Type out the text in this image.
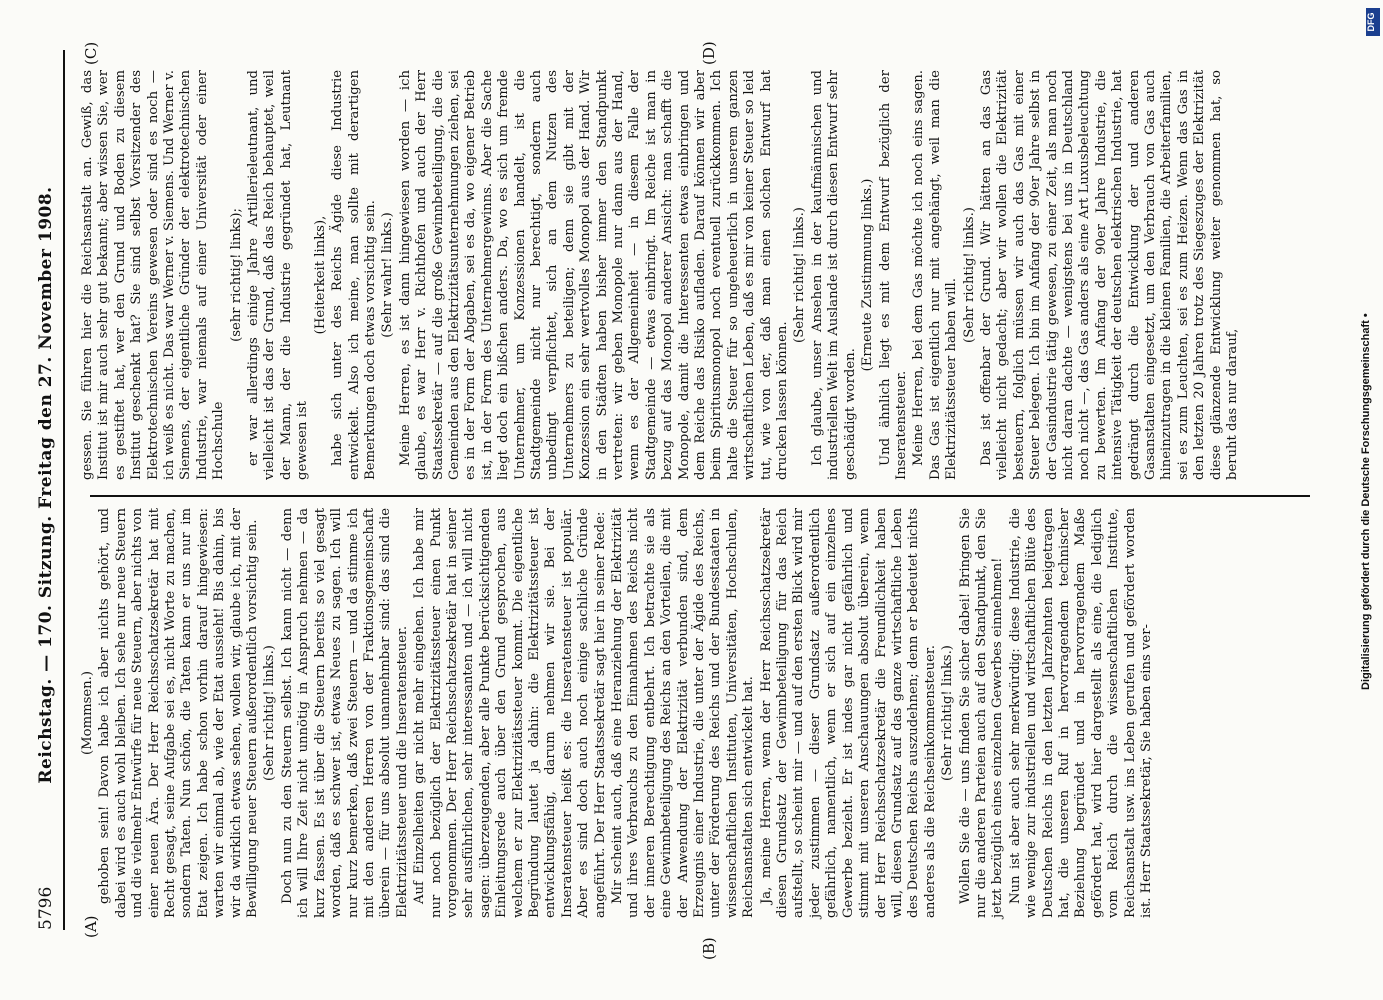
5796
Reichstag. — 170. Sitzung. Freitag den 27. November 1908.
(A)
(B)
(C)	(D)

(Mommsen.) gehoben sein! Davon habe ich aber nichts gehört, und dabei wird es auch wohl bleiben. Ich sehe nur neue Steuern und die vielmehr Entwürfe für neue Steuern, aber nichts von einer neuen Ära. Der Herr Reichsschatzsekretär hat mit Recht gesagt, seine Aufgabe sei es, nicht Worte zu machen, sondern Taten. Nun schön, die Taten kann er uns nur im Etat zeigen. Ich habe schon vorhin darauf hingewiesen: warten wir einmal ab, wie der Etat aussieht! Bis dahin, bis wir da wirklich etwas sehen, wollen wir, glaube ich, mit der Bewilligung neuer Steuern außerordentlich vorsichtig sein. (Sehr richtig! links.) Doch nun zu den Steuern selbst. Ich kann nicht — denn ich will Ihre Zeit nicht unnötig in Anspruch nehmen — da kurz fassen. Es ist über die Steuern bereits so viel gesagt worden, daß es schwer ist, etwas Neues zu sagen. Ich will nur kurz bemerken, daß zwei Steuern — und da stimme ich mit den anderen Herren von der Fraktionsgemeinschaft überein — für uns absolut unannehmbar sind: das sind die Elektrizitätssteuer und die Inseratensteuer. Auf Einzelheiten gar nicht mehr eingehen. Ich habe mir nur noch bezüglich der Elektrizitätssteuer einen Punkt vorgenommen. Der Herr Reichsschatzsekretär hat in seiner sehr ausführlichen, sehr interessanten und — ich will nicht sagen: überzeugenden, aber alle Punkte berücksichtigenden Einleitungsrede auch über den Grund gesprochen, aus welchem er zur Elektrizitätssteuer kommt. Die eigentliche Begründung lautet ja dahin: die Elektrizitätssteuer ist entwicklungsfähig, darum nehmen wir sie. Bei der Inseratensteuer heißt es: die Inseratensteuer ist populär. Aber es sind doch auch noch einige sachliche Gründe angeführt. Der Herr Staatssekretär sagt hier in seiner Rede: Mir scheint auch, daß eine Heranziehung der Elektrizität und ihres Verbrauchs zu den Einnahmen des Reichs nicht der inneren Berechtigung entbehrt. Ich betrachte sie als eine Gewinnbeteiligung des Reichs an den Vorteilen, die mit der Anwendung der Elektrizität verbunden sind, dem Erzeugnis einer Industrie, die unter der Ägide des Reichs, unter der Förderung des Reichs und der Bundesstaaten in wissenschaftlichen Instituten, Universitäten, Hochschulen, Reichsanstalten sich entwickelt hat. Ja, meine Herren, wenn der Herr Reichsschatzsekretär diesen Grundsatz der Gewinnbeteiligung für das Reich aufstellt, so scheint mir — und auf den ersten Blick wird mir jeder zustimmen — dieser Grundsatz außerordentlich gefährlich, namentlich, wenn er sich auf ein einzelnes Gewerbe bezieht. Er ist indes gar nicht gefährlich und stimmt mit unseren Anschauungen absolut überein, wenn der Herr Reichsschatzsekretär die Freundlichkeit haben will, diesen Grundsatz auf das ganze wirtschaftliche Leben des Deutschen Reichs auszudehnen; denn er bedeutet nichts anderes als die Reichseinkommensteuer. (Sehr richtig! links.) Wollen Sie die — uns finden Sie sicher dabei! Bringen Sie nur die anderen Parteien auch auf den Standpunkt, den Sie jetzt bezüglich eines einzelnen Gewerbes einnehmen! Nun ist aber auch sehr merkwürdig: diese Industrie, die wie wenige zur industriellen und wirtschaftlichen Blüte des Deutschen Reichs in den letzten Jahrzehnten beigetragen hat, die unseren Ruf in hervorragendem technischer Beziehung begründet und in hervorragendem Maße gefördert hat, wird hier dargestellt als eine, die lediglich vom Reich durch die wissenschaftlichen Institute, Reichsanstalt usw. ins Leben gerufen und gefördert worden ist. Herr Staatssekretär, Sie haben eins ver-

gessen. Sie führen hier die Reichsanstalt an. Gewiß, das Institut ist mir auch sehr gut bekannt; aber wissen Sie, wer es gestiftet hat, wer den Grund und Boden zu diesem Institut geschenkt hat? Sie sind selbst Vorsitzender des Elektrotechnischen Vereins gewesen oder sind es noch — ich weiß es nicht. Das war Werner v. Siemens. Und Werner v. Siemens, der eigentliche Gründer der elektrotechnischen Industrie, war niemals auf einer Universität oder einer Hochschule

(sehr richtig! links); er war allerdings einige Jahre Artillerieleutnant, und vielleicht ist das der Grund, daß das Reich behauptet, weil der Mann, der die Industrie gegründet hat, Leutnant gewesen ist

(Heiterkeit links), habe sich unter des Reichs Ägide diese Industrie entwickelt. Also ich meine, man sollte mit derartigen Bemerkungen doch etwas vorsichtig sein. (Sehr wahr! links.) Meine Herren, es ist dann hingewiesen worden — ich glaube, es war Herr v. Richthofen und auch der Herr Staatssekretär — auf die große Gewinnbeteiligung, die die Gemeinden aus den Elektrizitätsunternehmungen ziehen, sei es in der Form der Abgaben, sei es da, wo eigener Betrieb ist, in der Form des Unternehmergewinns. Aber die Sache liegt doch ein bißchen anders. Da, wo es sich um fremde Unternehmer, um Konzessionen handelt, ist die Stadtgemeinde nicht nur berechtigt, sondern auch unbedingt verpflichtet, sich an dem Nutzen des Unternehmers zu beteiligen; denn sie gibt mit der Konzession ein sehr wertvolles Monopol aus der Hand. Wir in den Städten haben bisher immer den Standpunkt vertreten: wir geben Monopole nur dann aus der Hand, wenn es der Allgemeinheit — in diesem Falle der Stadtgemeinde — etwas einbringt. Im Reiche ist man in bezug auf das Monopol anderer Ansicht: man schafft die Monopole, damit die Interessenten etwas einbringen und dem Reiche das Risiko aufladen. Darauf können wir aber beim Spiritusmonopol noch eventuell zurückkommen. Ich halte die Steuer für so ungeheuerlich in unserem ganzen wirtschaftlichen Leben, daß es mir von keiner Steuer so leid tut, wie von der, daß man einen solchen Entwurf hat drucken lassen können.

(Sehr richtig! links.) Ich glaube, unser Ansehen in der kaufmännischen und industriellen Welt im Auslande ist durch diesen Entwurf sehr geschädigt worden.

(Erneute Zustimmung links.) Und ähnlich liegt es mit dem Entwurf bezüglich der Inseratensteuer. Meine Herren, bei dem Gas möchte ich noch eins sagen. Das Gas ist eigentlich nur mit angehängt, weil man die Elektrizitätssteuer haben will.

(Sehr richtig! links.) Das ist offenbar der Grund. Wir hätten an das Gas vielleicht nicht gedacht; aber wir wollen die Elektrizität besteuern, folglich müssen wir auch das Gas mit einer Steuer belegen. Ich bin im Anfang der 90er Jahre selbst in der Gasindustrie tätig gewesen, zu einer Zeit, als man noch nicht daran dachte — wenigstens bei uns in Deutschland noch nicht —, das Gas anders als eine Art Luxusbeleuchtung zu bewerten. Im Anfang der 90er Jahre Industrie, die intensive Tätigkeit der deutschen elektrischen Industrie, hat gedrängt durch die Entwicklung der und anderen Gasanstalten eingesetzt, um den Verbrauch von Gas auch hineinzutragen in die kleinen Familien, die Arbeiterfamilien, sei es zum Leuchten, sei es zum Heizen. Wenn das Gas in den letzten 20 Jahren trotz des Siegeszuges der Elektrizität diese glänzende Entwicklung weiter genommen hat, so beruht das nur darauf,

DFG
Digitalisierung gefördert durch die Deutsche Forschungsgemeinschaft •
